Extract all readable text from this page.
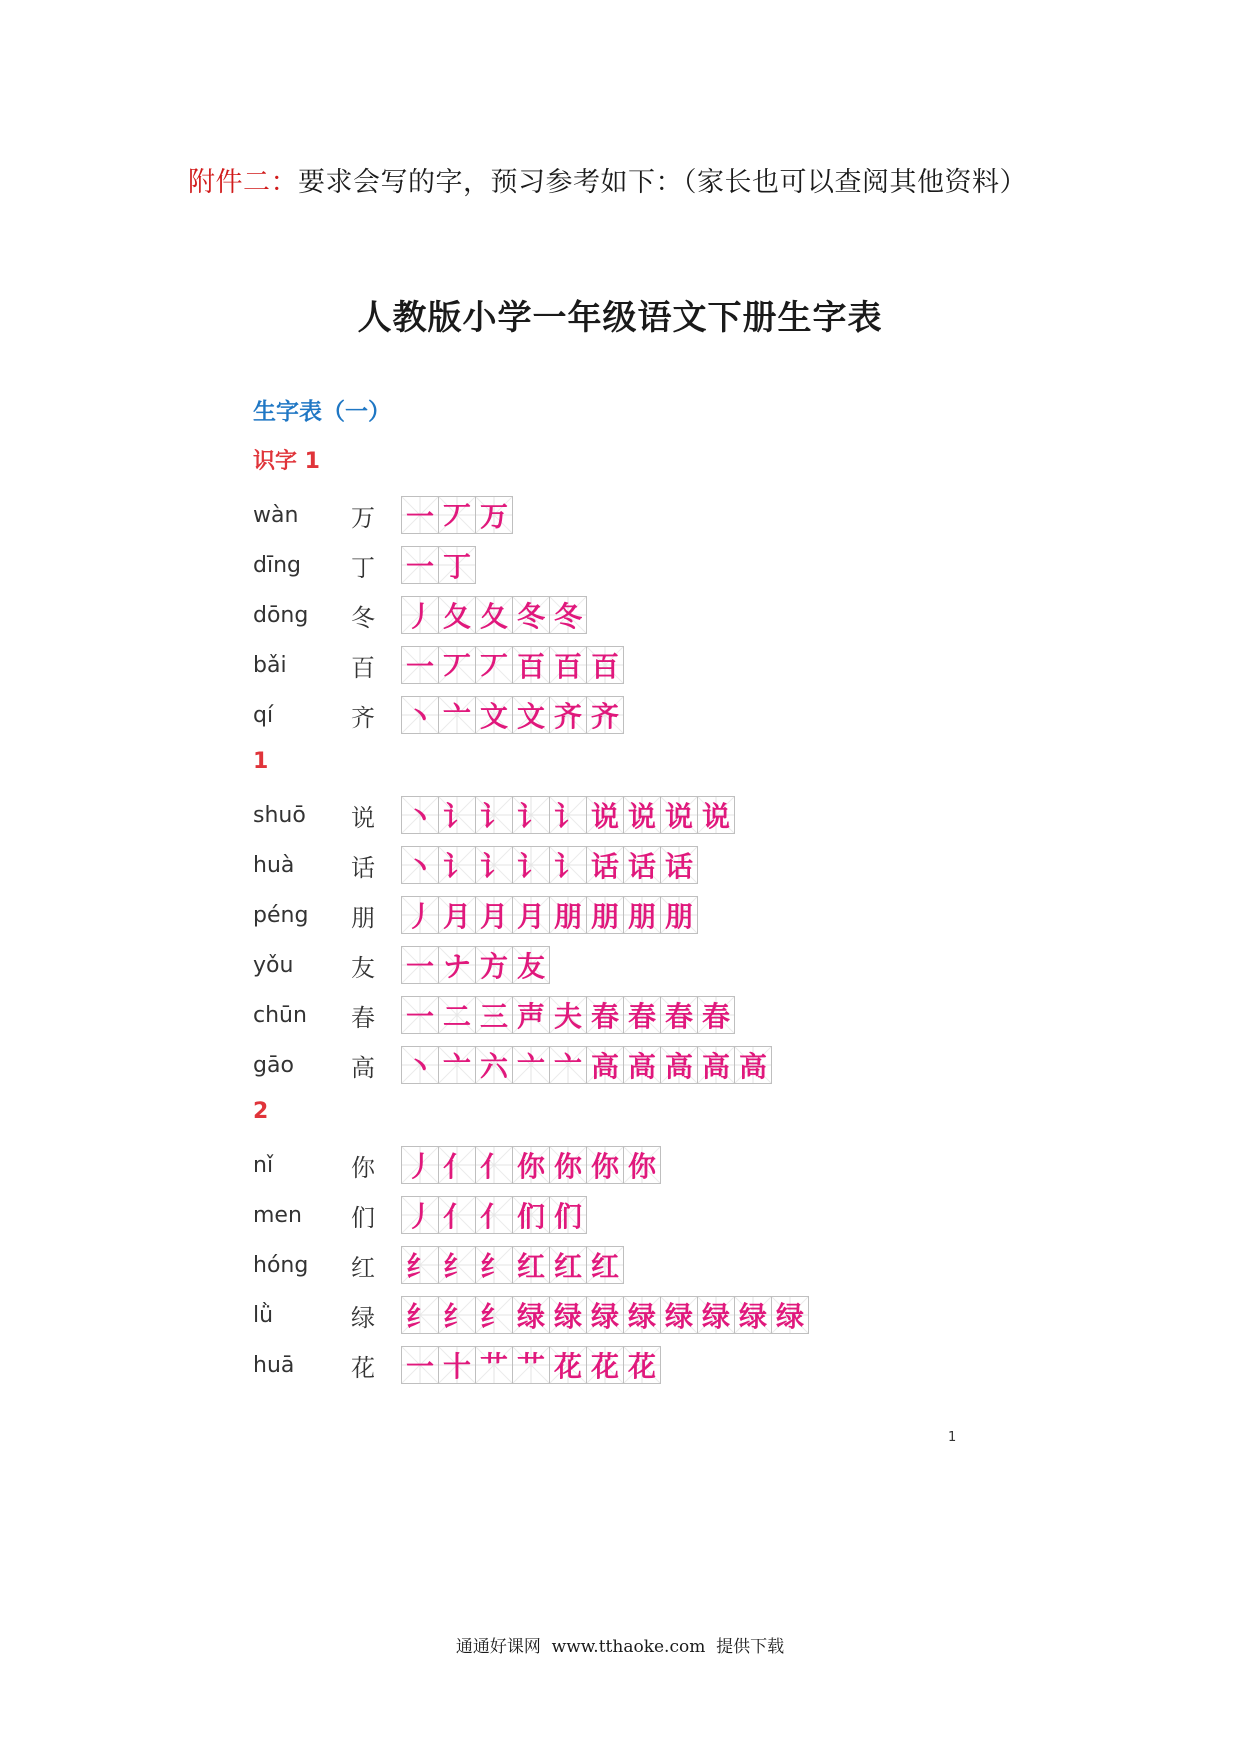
附件二：要求会写的字，预习参考如下：（家长也可以查阅其他资料）
人教版小学一年级语文下册生字表
生字表（一）
识字 1
wàn	万	一 丆 万
dīng	丁	一 丁
dōng	冬	丿 夂 夂 冬 冬
bǎi	百	一 丆 丆 百 百 百
qí	齐	丶 亠 文 文 齐 齐
1
shuō	说	丶 讠 讠 讠 讠 说 说 说 说
huà	话	丶 讠 讠 讠 讠 话 话 话
péng	朋	丿 月 月 月 朋 朋 朋 朋
yǒu	友	一 ナ 方 友
chūn	春	一 二 三 声 夫 春 春 春 春
gāo	高	丶 亠 六 亠 亠 高 高 高 高 高
2
nǐ	你	丿 亻 亻 你 你 你 你
men	们	丿 亻 亻 们 们
hóng	红	纟 纟 纟 红 红 红
lǜ	绿	纟 纟 纟 绿 绿 绿 绿 绿 绿 绿 绿
huā	花	一 十 艹 艹 花 花 花
1
通通好课网  www.tthaoke.com  提供下载
